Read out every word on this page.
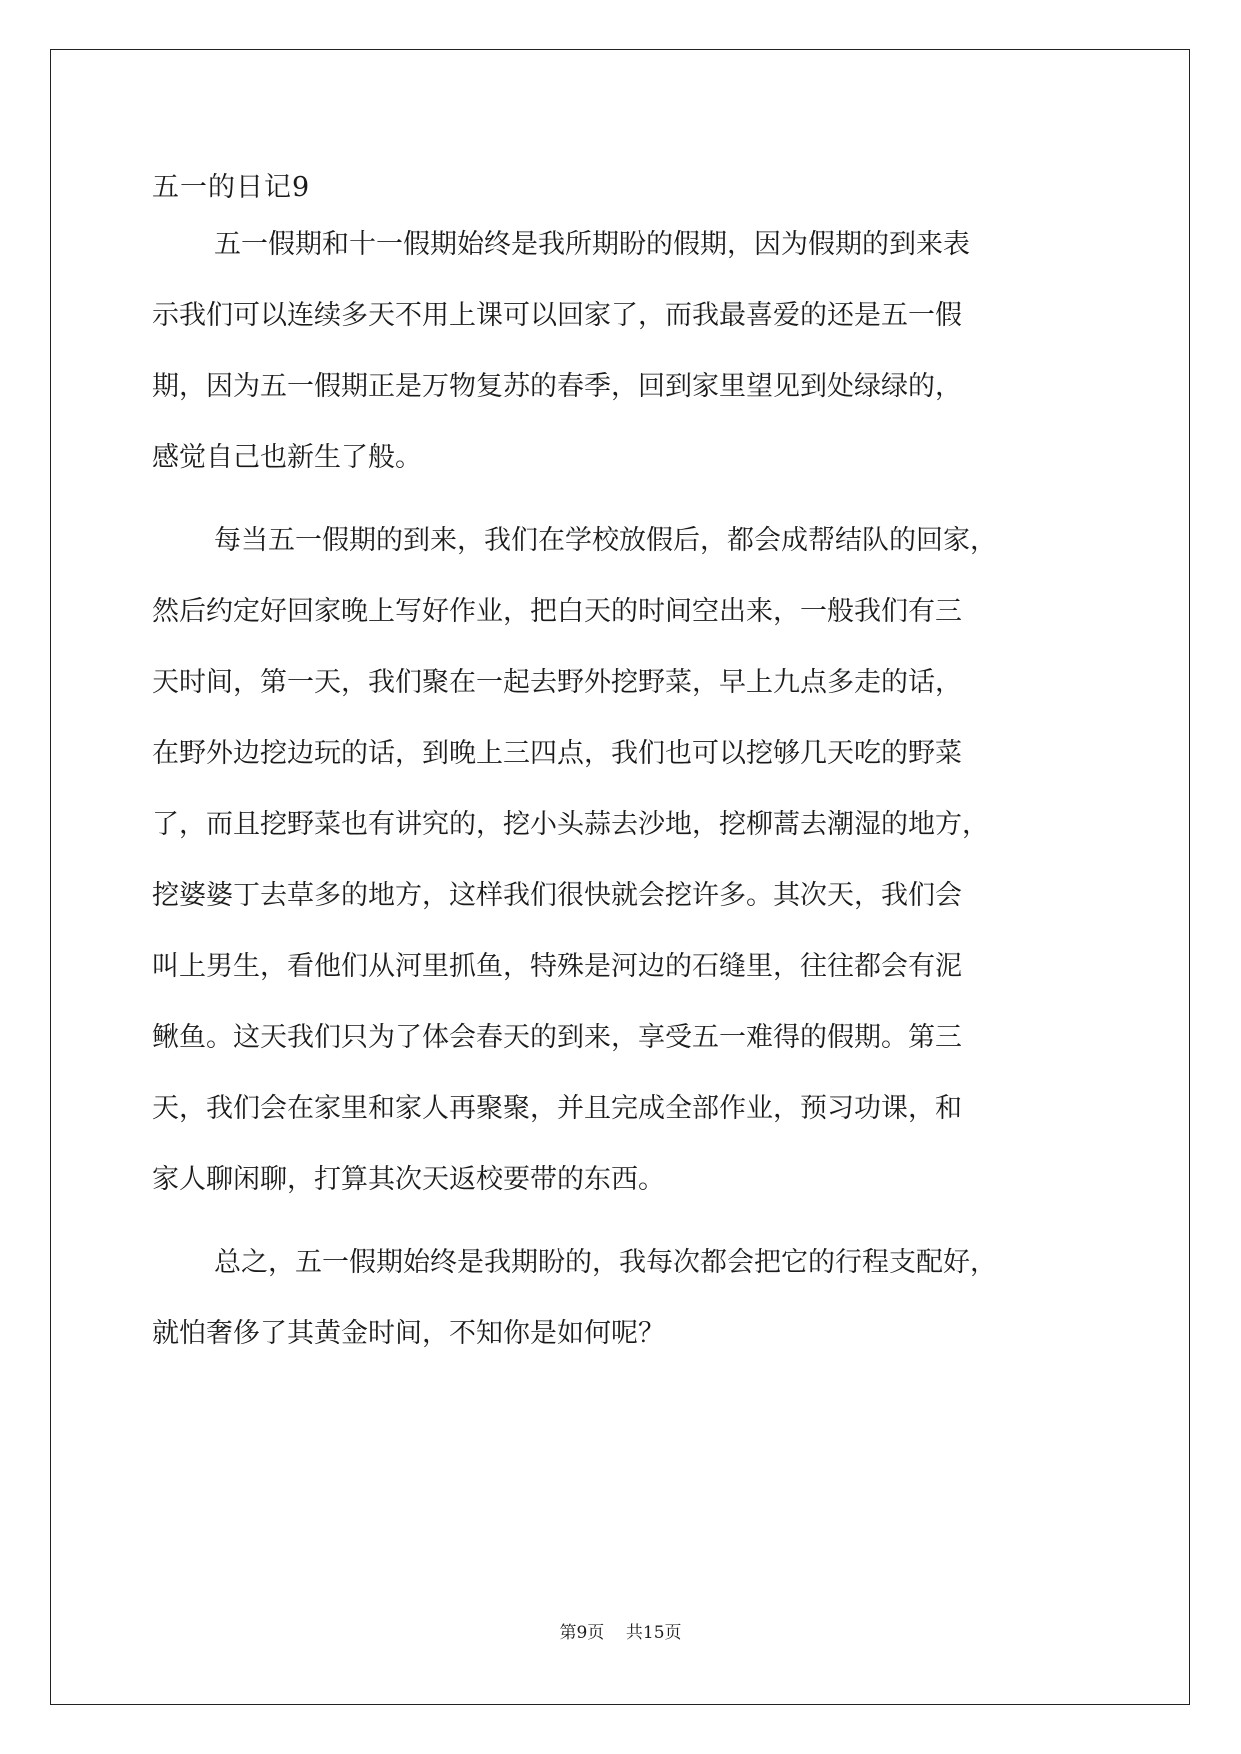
五一的日记9
五一假期和十一假期始终是我所期盼的假期，因为假期的到来表
示我们可以连续多天不用上课可以回家了，而我最喜爱的还是五一假
期，因为五一假期正是万物复苏的春季，回到家里望见到处绿绿的，
感觉自己也新生了般。
每当五一假期的到来，我们在学校放假后，都会成帮结队的回家，
然后约定好回家晚上写好作业，把白天的时间空出来，一般我们有三
天时间，第一天，我们聚在一起去野外挖野菜，早上九点多走的话，
在野外边挖边玩的话，到晚上三四点，我们也可以挖够几天吃的野菜
了，而且挖野菜也有讲究的，挖小头蒜去沙地，挖柳蒿去潮湿的地方，
挖婆婆丁去草多的地方，这样我们很快就会挖许多。其次天，我们会
叫上男生，看他们从河里抓鱼，特殊是河边的石缝里，往往都会有泥
鳅鱼。这天我们只为了体会春天的到来，享受五一难得的假期。第三
天，我们会在家里和家人再聚聚，并且完成全部作业，预习功课，和
家人聊闲聊，打算其次天返校要带的东西。
总之，五一假期始终是我期盼的，我每次都会把它的行程支配好，
就怕奢侈了其黄金时间，不知你是如何呢？
第9页 共15页
